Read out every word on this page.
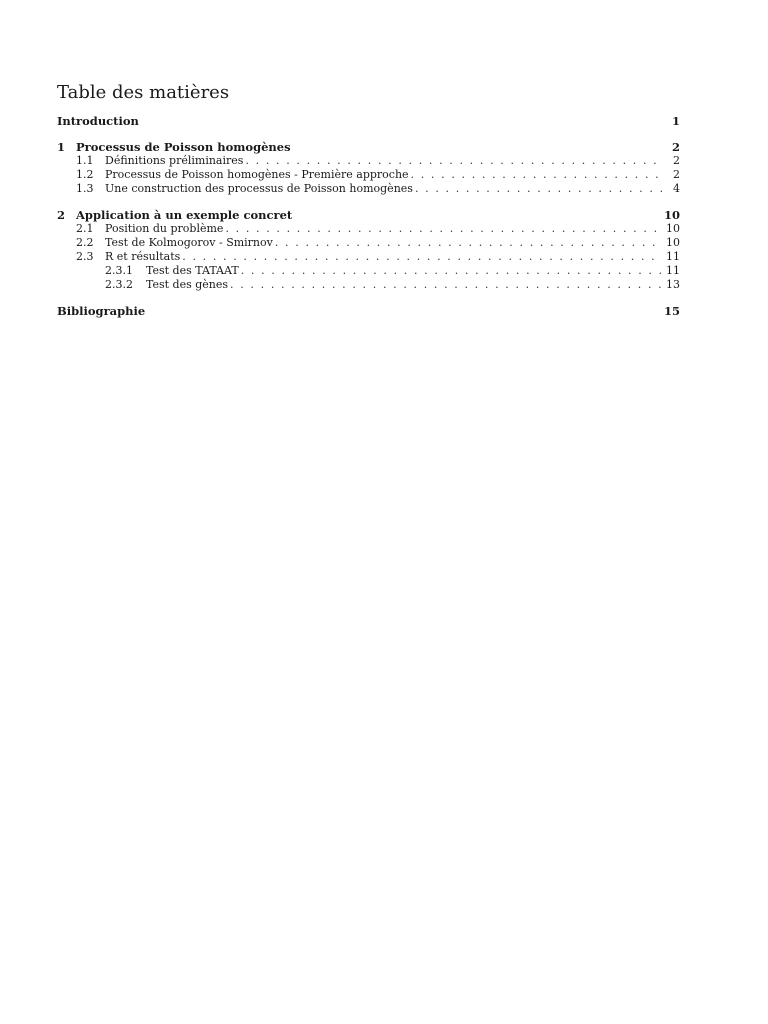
Table des matières
Introduction	1
1 Processus de Poisson homogènes	2
1.1	Définitions préliminaires . . .	2
1.2	Processus de Poisson homogènes - Première approche . . .	2
1.3	Une construction des processus de Poisson homogènes . . .	4
2 Application à un exemple concret	10
2.1	Position du problème . . .	10
2.2	Test de Kolmogorov - Smirnov . . .	10
2.3	R et résultats . . .	11
2.3.1	Test des TATAAT . . .	11
2.3.2	Test des gènes . . .	13
Bibliographie	15
